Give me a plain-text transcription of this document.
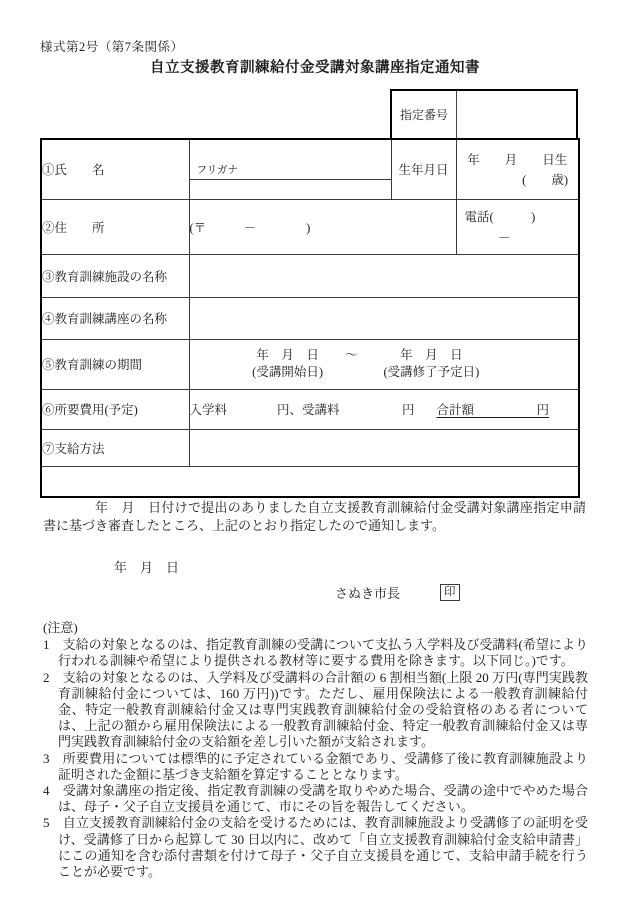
様式第2号（第7条関係）
自立支援教育訓練給付金受講対象講座指定通知書
指定番号
①氏　　名	フリガナ	生年月日	年　　月　　日生
(　　歳)

②住　　所	(〒　　　－　　　　)		電話(　　　)
－

③教育訓練施設の名称			
④教育訓練講座の名称			
⑤教育訓練の期間	年　月　日
(受講開始日)
～ 年　月　日
(受講修了予定日)		

⑥所要費用(予定)	入学料　　　　円、受講料　　　　　円 合計額　　　　　円		
⑦支給方法			

年　月　日付けで提出のありました自立支援教育訓練給付金受講対象講座指定申請書に基づき審査したところ、上記のとおり指定したので通知します。

年　月　日
さぬき市長	印
(注意)

1　支給の対象となるのは、指定教育訓練の受講について支払う入学料及び受講料(希望により行われる訓練や希望により提供される教材等に要する費用を除きます。以下同じ。)です。

2　支給の対象となるのは、入学料及び受講料の合計額の 6 割相当額(上限 20 万円(専門実践教育訓練給付金については、160 万円))です。ただし、雇用保険法による一般教育訓練給付金、特定一般教育訓練給付金又は専門実践教育訓練給付金の受給資格のある者については、上記の額から雇用保険法による一般教育訓練給付金、特定一般教育訓練給付金又は専門実践教育訓練給付金の支給額を差し引いた額が支給されます。

3　所要費用については標準的に予定されている金額であり、受講修了後に教育訓練施設より証明された金額に基づき支給額を算定することとなります。

4　受講対象講座の指定後、指定教育訓練の受講を取りやめた場合、受講の途中でやめた場合は、母子・父子自立支援員を通じて、市にその旨を報告してください。

5　自立支援教育訓練給付金の支給を受けるためには、教育訓練施設より受講修了の証明を受け、受講修了日から起算して 30 日以内に、改めて「自立支援教育訓練給付金支給申請書」にこの通知を含む添付書類を付けて母子・父子自立支援員を通じて、支給申請手続を行うことが必要です。
